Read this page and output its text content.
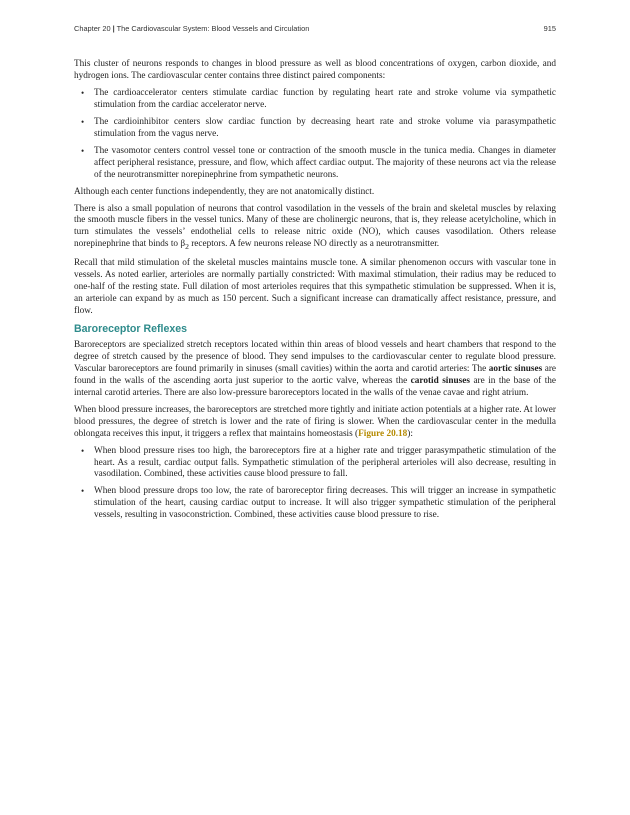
Chapter 20 | The Cardiovascular System: Blood Vessels and Circulation	915

This cluster of neurons responds to changes in blood pressure as well as blood concentrations of oxygen, carbon dioxide, and hydrogen ions. The cardiovascular center contains three distinct paired components:

• The cardioaccelerator centers stimulate cardiac function by regulating heart rate and stroke volume via sympathetic stimulation from the cardiac accelerator nerve.
• The cardioinhibitor centers slow cardiac function by decreasing heart rate and stroke volume via parasympathetic stimulation from the vagus nerve.
• The vasomotor centers control vessel tone or contraction of the smooth muscle in the tunica media. Changes in diameter affect peripheral resistance, pressure, and flow, which affect cardiac output. The majority of these neurons act via the release of the neurotransmitter norepinephrine from sympathetic neurons.

Although each center functions independently, they are not anatomically distinct.

There is also a small population of neurons that control vasodilation in the vessels of the brain and skeletal muscles by relaxing the smooth muscle fibers in the vessel tunics. Many of these are cholinergic neurons, that is, they release acetylcholine, which in turn stimulates the vessels’ endothelial cells to release nitric oxide (NO), which causes vasodilation. Others release norepinephrine that binds to $\beta_2$ receptors. A few neurons release NO directly as a neurotransmitter.

Recall that mild stimulation of the skeletal muscles maintains muscle tone. A similar phenomenon occurs with vascular tone in vessels. As noted earlier, arterioles are normally partially constricted: With maximal stimulation, their radius may be reduced to one-half of the resting state. Full dilation of most arterioles requires that this sympathetic stimulation be suppressed. When it is, an arteriole can expand by as much as 150 percent. Such a significant increase can dramatically affect resistance, pressure, and flow.

Baroreceptor Reflexes

Baroreceptors are specialized stretch receptors located within thin areas of blood vessels and heart chambers that respond to the degree of stretch caused by the presence of blood. They send impulses to the cardiovascular center to regulate blood pressure. Vascular baroreceptors are found primarily in sinuses (small cavities) within the aorta and carotid arteries: The aortic sinuses are found in the walls of the ascending aorta just superior to the aortic valve, whereas the carotid sinuses are in the base of the internal carotid arteries. There are also low-pressure baroreceptors located in the walls of the venae cavae and right atrium.

When blood pressure increases, the baroreceptors are stretched more tightly and initiate action potentials at a higher rate. At lower blood pressures, the degree of stretch is lower and the rate of firing is slower. When the cardiovascular center in the medulla oblongata receives this input, it triggers a reflex that maintains homeostasis (Figure 20.18):

• When blood pressure rises too high, the baroreceptors fire at a higher rate and trigger parasympathetic stimulation of the heart. As a result, cardiac output falls. Sympathetic stimulation of the peripheral arterioles will also decrease, resulting in vasodilation. Combined, these activities cause blood pressure to fall.
• When blood pressure drops too low, the rate of baroreceptor firing decreases. This will trigger an increase in sympathetic stimulation of the heart, causing cardiac output to increase. It will also trigger sympathetic stimulation of the peripheral vessels, resulting in vasoconstriction. Combined, these activities cause blood pressure to rise.
